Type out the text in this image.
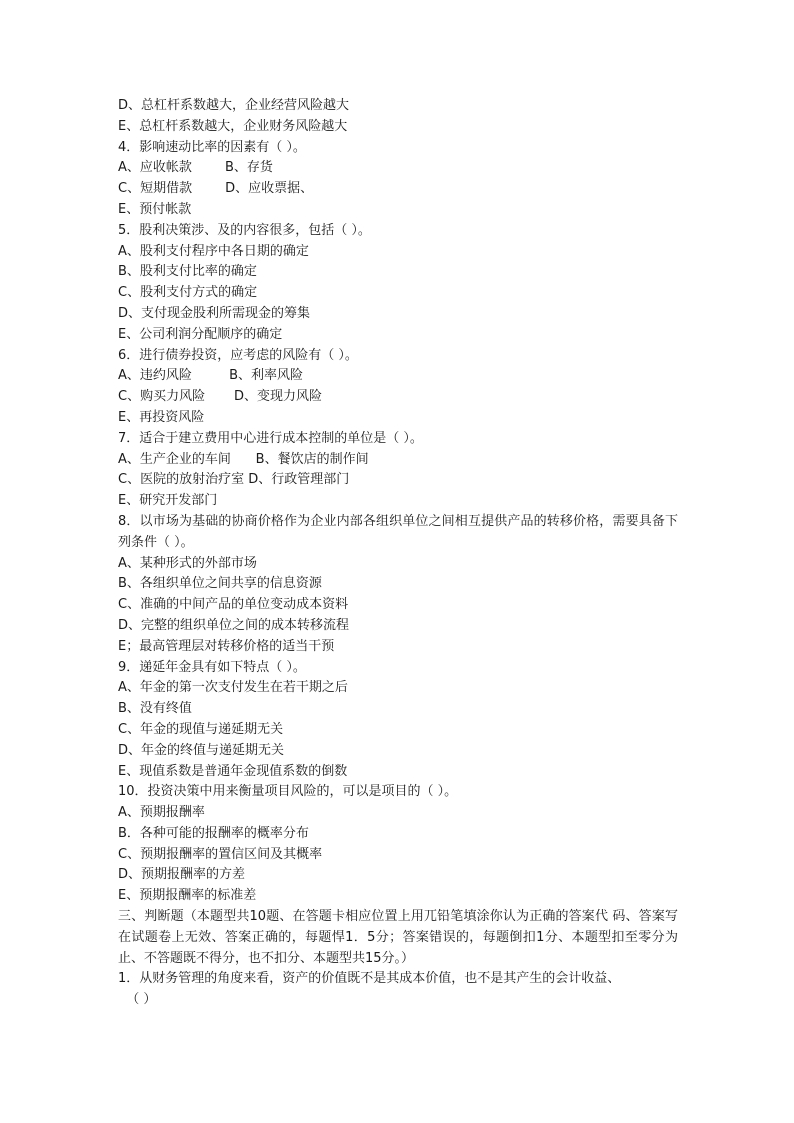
D、总杠杆系数越大，企业经营风险越大
E、总杠杆系数越大，企业财务风险越大
4．影响速动比率的因素有（ ）。
A、应收帐款        B、存货
C、短期借款        D、应收票据、
E、预付帐款
5．股利决策涉、及的内容很多，包括（ ）。
A、股利支付程序中各日期的确定
B、股利支付比率的确定
C、股利支付方式的确定
D、支付现金股利所需现金的筹集
E、公司利润分配顺序的确定
6．进行债券投资，应考虑的风险有（ ）。
A、违约风险         B、利率风险
C、购买力风险       D、变现力风险
E、再投资风险
7．适合于建立费用中心进行成本控制的单位是（ ）。
A、生产企业的车间      B、餐饮店的制作间
C、医院的放射治疗室 D、行政管理部门
E、研究开发部门
8．以市场为基础的协商价格作为企业内部各组织单位之间相互提供产品的转移价格，需要具备下列条件（ ）。
A、某种形式的外部市场
B、各组织单位之间共享的信息资源
C、准确的中间产品的单位变动成本资料
D、完整的组织单位之间的成本转移流程
E；最高管理层对转移价格的适当干预
9．递延年金具有如下特点（ ）。
A、年金的第一次支付发生在若干期之后
B、没有终值
C、年金的现值与递延期无关
D、年金的终值与递延期无关
E、现值系数是普通年金现值系数的倒数
10．投资决策中用来衡量项目风险的，可以是项目的（ ）。
A、预期报酬率
B．各种可能的报酬率的概率分布
C、预期报酬率的置信区间及其概率
D、预期报酬率的方差
E、预期报酬率的标准差
三、判断题（本题型共10题、在答题卡相应位置上用兀铅笔填涂你认为正确的答案代 码、答案写在试题卷上无效、答案正确的，每题悍1．5分；答案错误的，每题倒扣1分、本题型扣至零分为止、不答题既不得分，也不扣分、本题型共15分。）
1．从财务管理的角度来看，资产的价值既不是其成本价值，也不是其产生的会计收益、
（ ）
